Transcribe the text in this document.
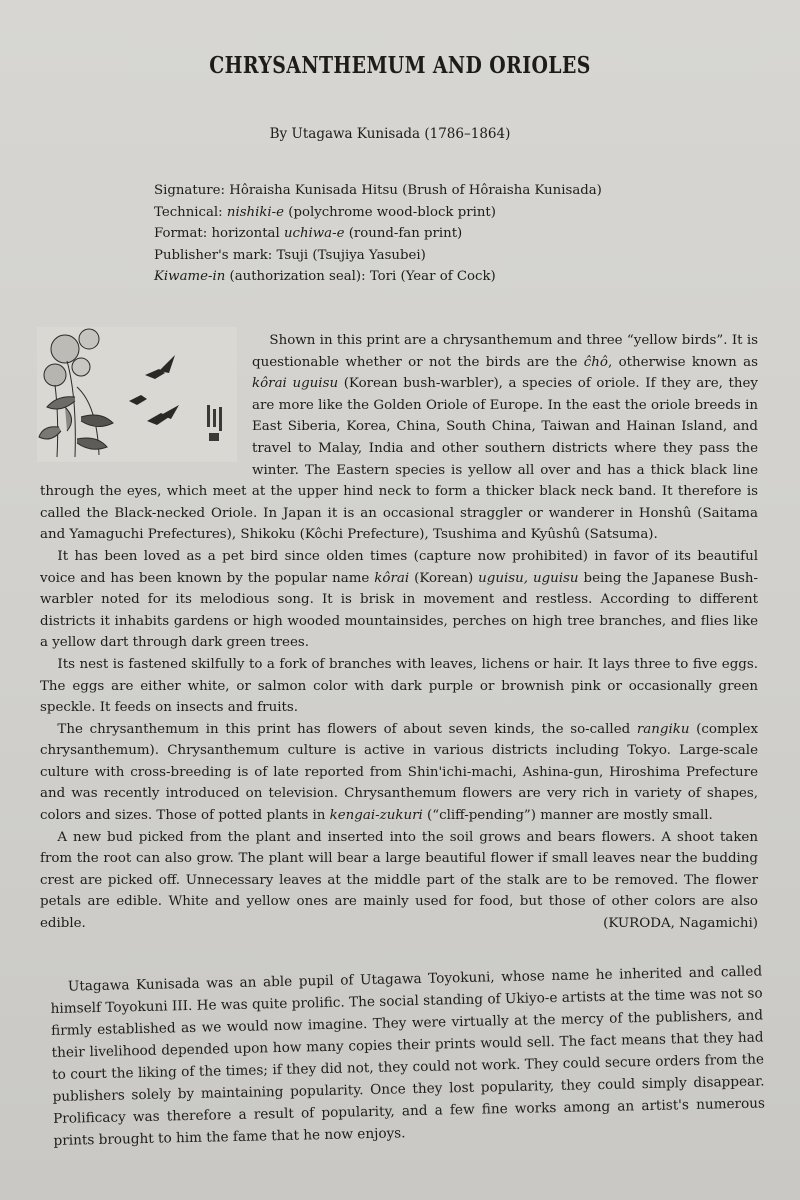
CHRYSANTHEMUM AND ORIOLES
By Utagawa Kunisada (1786–1864)
Signature: Hôraisha Kunisada Hitsu (Brush of Hôraisha Kunisada)
Technical: nishiki-e (polychrome wood-block print)
Format: horizontal uchiwa-e (round-fan print)
Publisher's mark: Tsuji (Tsujiya Yasubei)
Kiwame-in (authorization seal): Tori (Year of Cock)

Shown in this print are a chrysanthemum and three “yellow birds”. It is questionable whether or not the birds are the ĉhô, otherwise known as kôrai uguisu (Korean bush-warbler), a species of oriole. If they are, they are more like the Golden Oriole of Europe. In the east the oriole breeds in East Siberia, Korea, China, South China, Taiwan and Hainan Island, and travel to Malay, India and other southern districts where they pass the winter. The Eastern species is yellow all over and has a thick black line through the eyes, which meet at the upper hind neck to form a thicker black neck band. It therefore is called the Black-necked Oriole. In Japan it is an occasional straggler or wanderer in Honshû (Saitama and Yamaguchi Prefectures), Shikoku (Kôchi Prefecture), Tsushima and Kyûshû (Satsuma).

It has been loved as a pet bird since olden times (capture now prohibited) in favor of its beautiful voice and has been known by the popular name kôrai (Korean) uguisu, uguisu being the Japanese Bush-warbler noted for its melodious song. It is brisk in movement and restless. According to different districts it inhabits gardens or high wooded mountainsides, perches on high tree branches, and flies like a yellow dart through dark green trees.

Its nest is fastened skilfully to a fork of branches with leaves, lichens or hair. It lays three to five eggs. The eggs are either white, or salmon color with dark purple or brownish pink or occasionally green speckle. It feeds on insects and fruits.

The chrysanthemum in this print has flowers of about seven kinds, the so-called rangiku (complex chrysanthemum). Chrysanthemum culture is active in various districts including Tokyo. Large-scale culture with cross-breeding is of late reported from Shin'ichi-machi, Ashina-gun, Hiroshima Prefecture and was recently introduced on television. Chrysanthemum flowers are very rich in variety of shapes, colors and sizes. Those of potted plants in kengai-zukuri (“cliff-pending”) manner are mostly small.

A new bud picked from the plant and inserted into the soil grows and bears flowers. A shoot taken from the root can also grow. The plant will bear a large beautiful flower if small leaves near the budding crest are picked off. Unnecessary leaves at the middle part of the stalk are to be removed. The flower petals are edible. White and yellow ones are mainly used for food, but those of other colors are also edible.	(KURODA, Nagamichi)

Utagawa Kunisada was an able pupil of Utagawa Toyokuni, whose name he inherited and called himself Toyokuni III. He was quite prolific. The social standing of Ukiyo-e artists at the time was not so firmly established as we would now imagine. They were virtually at the mercy of the publishers, and their livelihood depended upon how many copies their prints would sell. The fact means that they had to court the liking of the times; if they did not, they could not work. They could secure orders from the publishers solely by maintaining popularity. Once they lost popularity, they could simply disappear. Prolificacy was therefore a result of popularity, and a few fine works among an artist's numerous prints brought to him the fame that he now enjoys.
